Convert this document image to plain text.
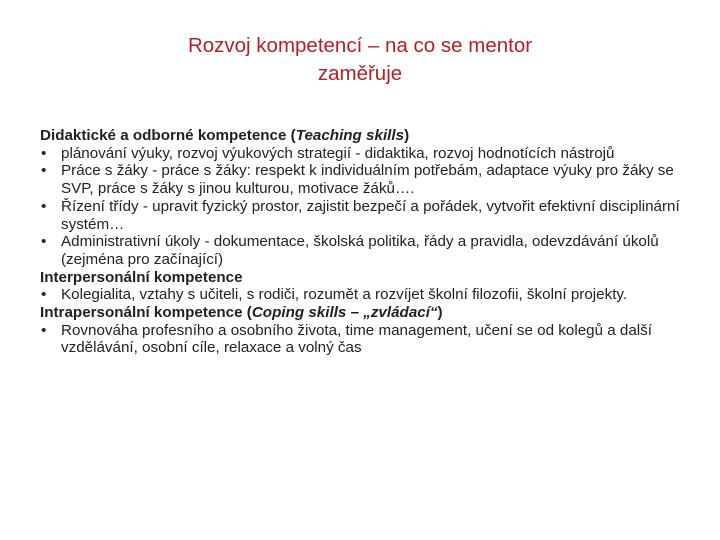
Rozvoj kompetencí – na co se mentor
zaměřuje

Didaktické a odborné kompetence (Teaching skills)

• plánování výuky, rozvoj výukových strategií - didaktika, rozvoj hodnotících nástrojů
• Práce s žáky - práce s žáky: respekt k individuálním potřebám, adaptace výuky pro žáky se SVP, práce s žáky s jinou kulturou, motivace žáků….
• Řízení třídy - upravit fyzický prostor, zajistit bezpečí a pořádek, vytvořit efektivní disciplinární systém…
• Administrativní úkoly - dokumentace, školská politika, řády a pravidla, odevzdávání úkolů (zejména pro začínající)

Interpersonální kompetence

• Kolegialita, vztahy s učiteli, s rodiči, rozumět a rozvíjet školní filozofii, školní projekty.

Intrapersonální kompetence (Coping skills – „zvládací“)

• Rovnováha profesního a osobního života, time management, učení se od kolegů a další vzdělávání, osobní cíle, relaxace a volný čas
